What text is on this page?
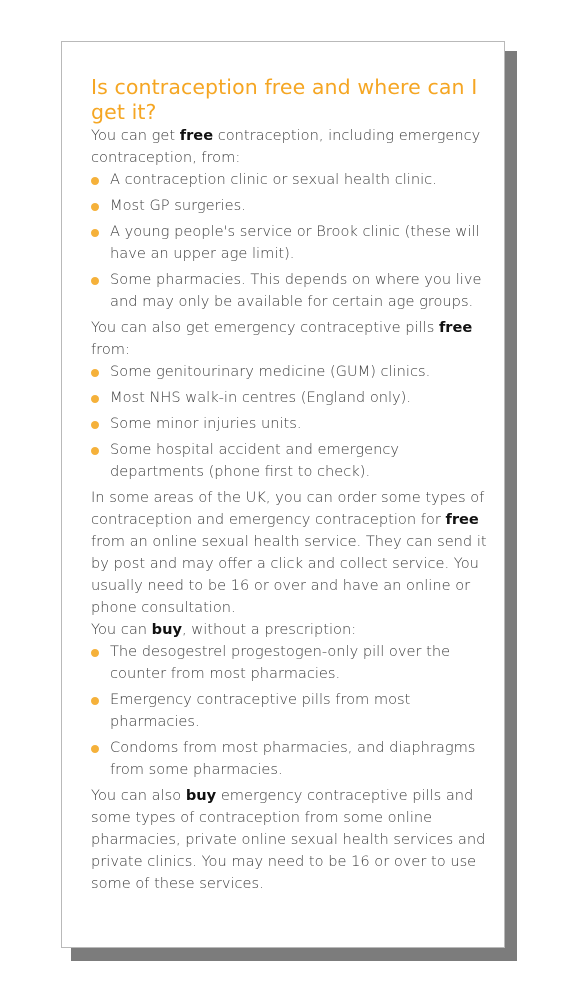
Is contraception free and where can I get it?

You can get free contraception, including emergency contraception, from:

A contraception clinic or sexual health clinic.
Most GP surgeries.
A young people's service or Brook clinic (these will have an upper age limit).
Some pharmacies. This depends on where you live and may only be available for certain age groups.

You can also get emergency contraceptive pills free from:

Some genitourinary medicine (GUM) clinics.
Most NHS walk-in centres (England only).
Some minor injuries units.
Some hospital accident and emergency departments (phone first to check).

In some areas of the UK, you can order some types of contraception and emergency contraception for free from an online sexual health service. They can send it by post and may offer a click and collect service. You usually need to be 16 or over and have an online or phone consultation.

You can buy, without a prescription:

The desogestrel progestogen-only pill over the counter from most pharmacies.
Emergency contraceptive pills from most pharmacies.
Condoms from most pharmacies, and diaphragms from some pharmacies.

You can also buy emergency contraceptive pills and some types of contraception from some online pharmacies, private online sexual health services and private clinics. You may need to be 16 or over to use some of these services.
